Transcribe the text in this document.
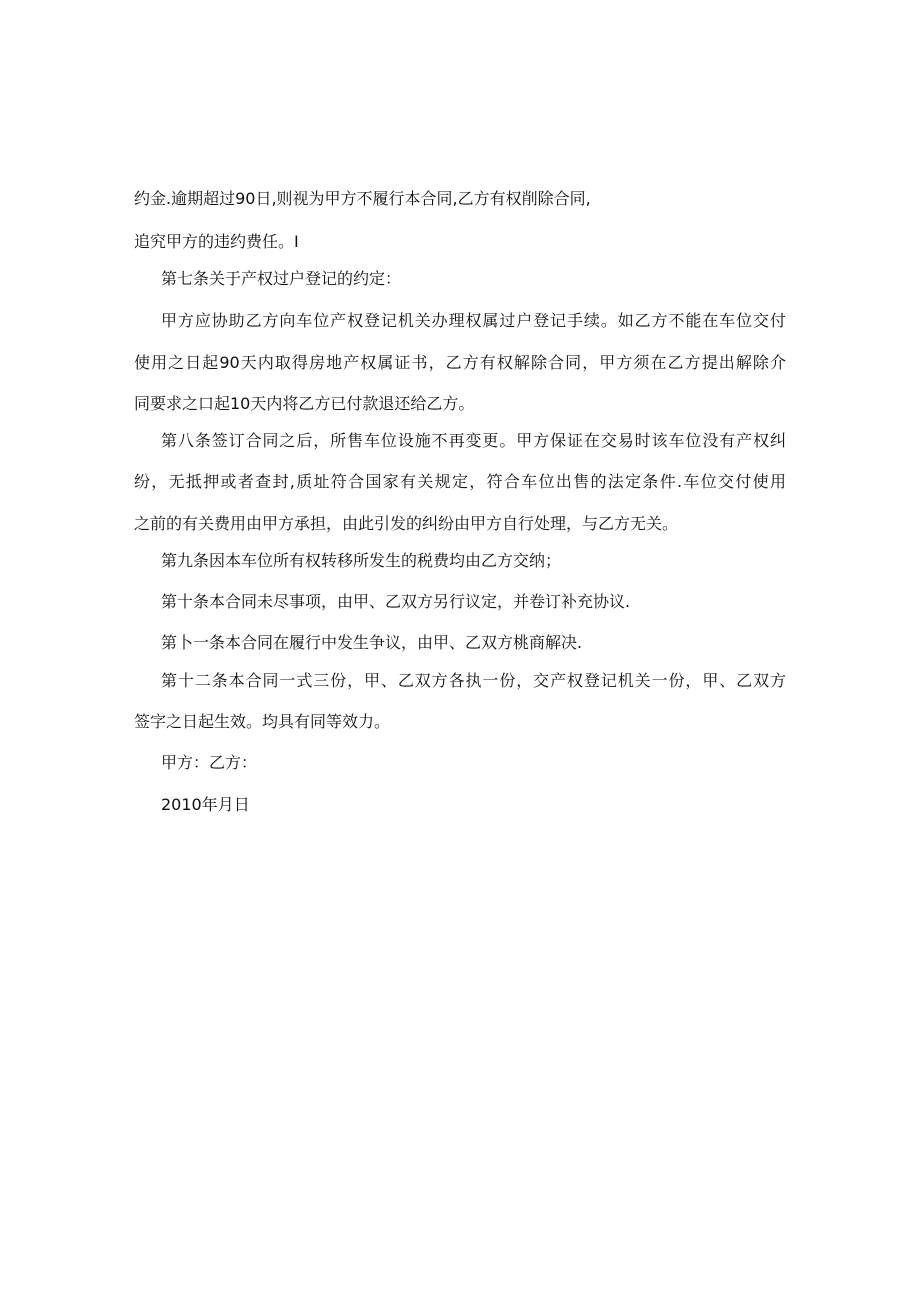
约金.逾期超过90日,则视为甲方不履行本合同,乙方有权削除合同,
追究甲方的违约费任。I
第七条关于产权过户登记的约定：
甲方应协助乙方向车位产权登记机关办理权属过户登记手续。如乙方不能在车位交付
使用之日起90天内取得房地产权属证书，乙方有权解除合同，甲方须在乙方提出解除介
同要求之口起10天内将乙方已付款退还给乙方。
第八条签订合同之后，所售车位设施不再变更。甲方保证在交易时该车位没有产权纠
纷，无抵押或者查封,质址符合国家有关规定，符合车位出售的法定条件.车位交付使用
之前的有关费用由甲方承担，由此引发的纠纷由甲方自行处理，与乙方无关。
第九条因本车位所有权转移所发生的税费均由乙方交纳；
第十条本合同未尽事项，由甲、乙双方另行议定，并卷订补充协议.
第卜一条本合同在履行中发生争议，由甲、乙双方桃商解决.
第十二条本合同一式三份，甲、乙双方各执一份，交产权登记机关一份，甲、乙双方
签字之日起生效。均具有同等效力。
甲方：乙方：
2010年月日
